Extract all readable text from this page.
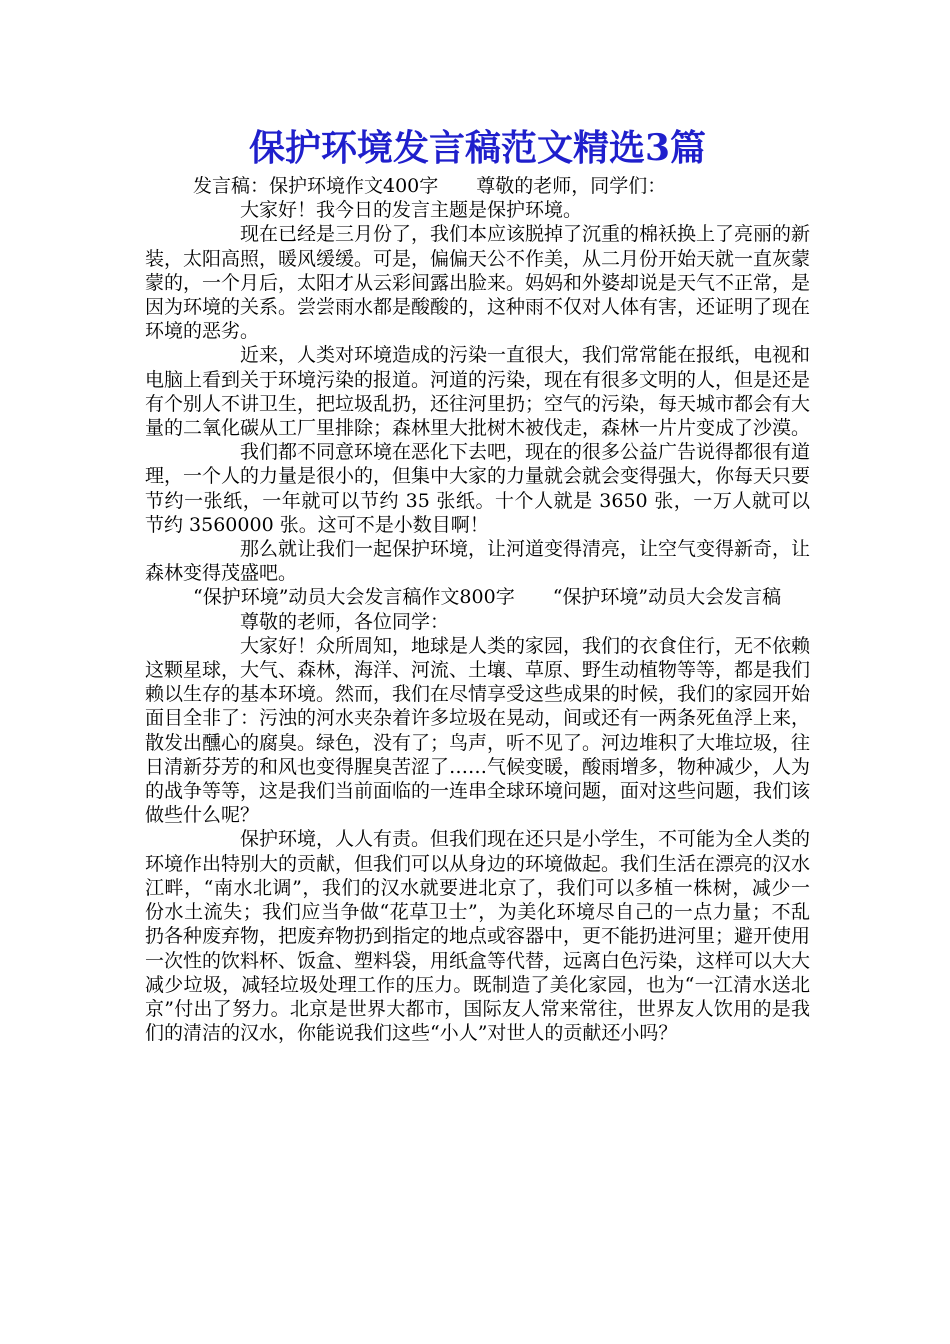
保护环境发言稿范文精选3篇

发言稿：保护环境作文400字　　尊敬的老师，同学们：

大家好！我今日的发言主题是保护环境。

现在已经是三月份了，我们本应该脱掉了沉重的棉袄换上了亮丽的新装，太阳高照，暖风缓缓。可是，偏偏天公不作美，从二月份开始天就一直灰蒙蒙的，一个月后，太阳才从云彩间露出脸来。妈妈和外婆却说是天气不正常，是因为环境的关系。尝尝雨水都是酸酸的，这种雨不仅对人体有害，还证明了现在环境的恶劣。

近来，人类对环境造成的污染一直很大，我们常常能在报纸，电视和电脑上看到关于环境污染的报道。河道的污染，现在有很多文明的人，但是还是有个别人不讲卫生，把垃圾乱扔，还往河里扔；空气的污染，每天城市都会有大量的二氧化碳从工厂里排除；森林里大批树木被伐走，森林一片片变成了沙漠。

我们都不同意环境在恶化下去吧，现在的很多公益广告说得都很有道理，一个人的力量是很小的，但集中大家的力量就会就会变得强大，你每天只要节约一张纸，一年就可以节约 35 张纸。十个人就是 3650 张，一万人就可以节约 3560000 张。这可不是小数目啊！

那么就让我们一起保护环境，让河道变得清亮，让空气变得新奇，让森林变得茂盛吧。

“保护环境”动员大会发言稿作文800字　　“保护环境”动员大会发言稿

尊敬的老师，各位同学：

大家好！众所周知，地球是人类的家园，我们的衣食住行，无不依赖这颗星球，大气、森林，海洋、河流、土壤、草原、野生动植物等等，都是我们赖以生存的基本环境。然而，我们在尽情享受这些成果的时候，我们的家园开始面目全非了：污浊的河水夹杂着许多垃圾在晃动，间或还有一两条死鱼浮上来，散发出醺心的腐臭。绿色，没有了；鸟声，听不见了。河边堆积了大堆垃圾，往日清新芬芳的和风也变得腥臭苦涩了……气候变暖，酸雨增多，物种减少，人为的战争等等，这是我们当前面临的一连串全球环境问题，面对这些问题，我们该做些什么呢？

保护环境，人人有责。但我们现在还只是小学生，不可能为全人类的环境作出特别大的贡献，但我们可以从身边的环境做起。我们生活在漂亮的汉水江畔，“南水北调”，我们的汉水就要进北京了，我们可以多植一株树，减少一份水土流失；我们应当争做“花草卫士”，为美化环境尽自己的一点力量；不乱扔各种废弃物，把废弃物扔到指定的地点或容器中，更不能扔进河里；避开使用一次性的饮料杯、饭盒、塑料袋，用纸盒等代替，远离白色污染，这样可以大大减少垃圾，减轻垃圾处理工作的压力。既制造了美化家园，也为“一江清水送北京”付出了努力。北京是世界大都市，国际友人常来常往，世界友人饮用的是我们的清洁的汉水，你能说我们这些“小人”对世人的贡献还小吗？
